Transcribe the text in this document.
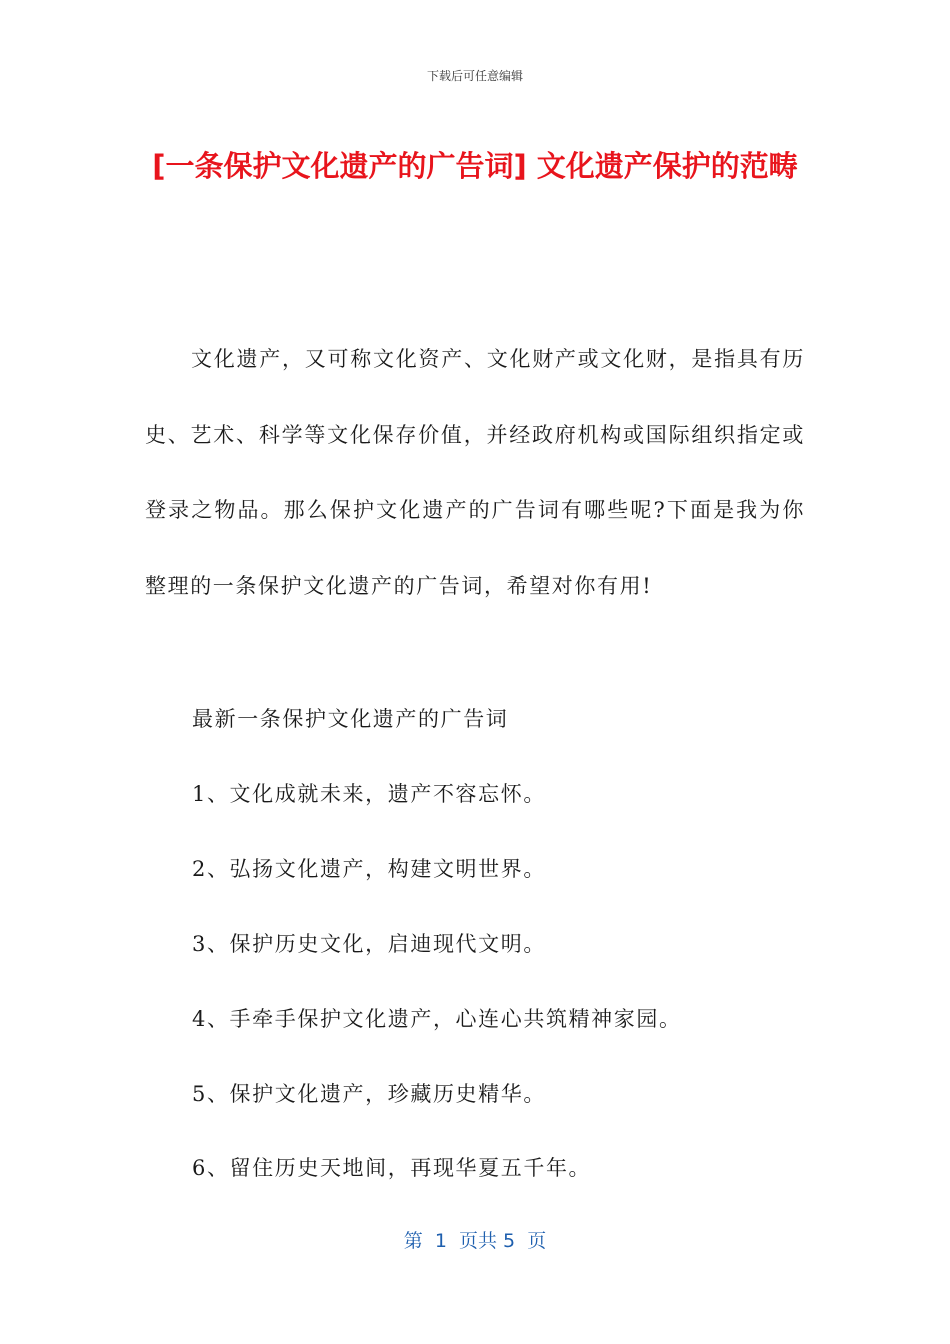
下载后可任意编辑
[一条保护文化遗产的广告词] 文化遗产保护的范畴

文化遗产，又可称文化资产、文化财产或文化财，是指具有历史、艺术、科学等文化保存价值，并经政府机构或国际组织指定或登录之物品。那么保护文化遗产的广告词有哪些呢?下面是我为你整理的一条保护文化遗产的广告词，希望对你有用!

最新一条保护文化遗产的广告词
1、文化成就未来，遗产不容忘怀。
2、弘扬文化遗产，构建文明世界。
3、保护历史文化，启迪现代文明。
4、手牵手保护文化遗产，心连心共筑精神家园。
5、保护文化遗产，珍藏历史精华。
6、留住历史天地间，再现华夏五千年。
第  1  页共 5  页
